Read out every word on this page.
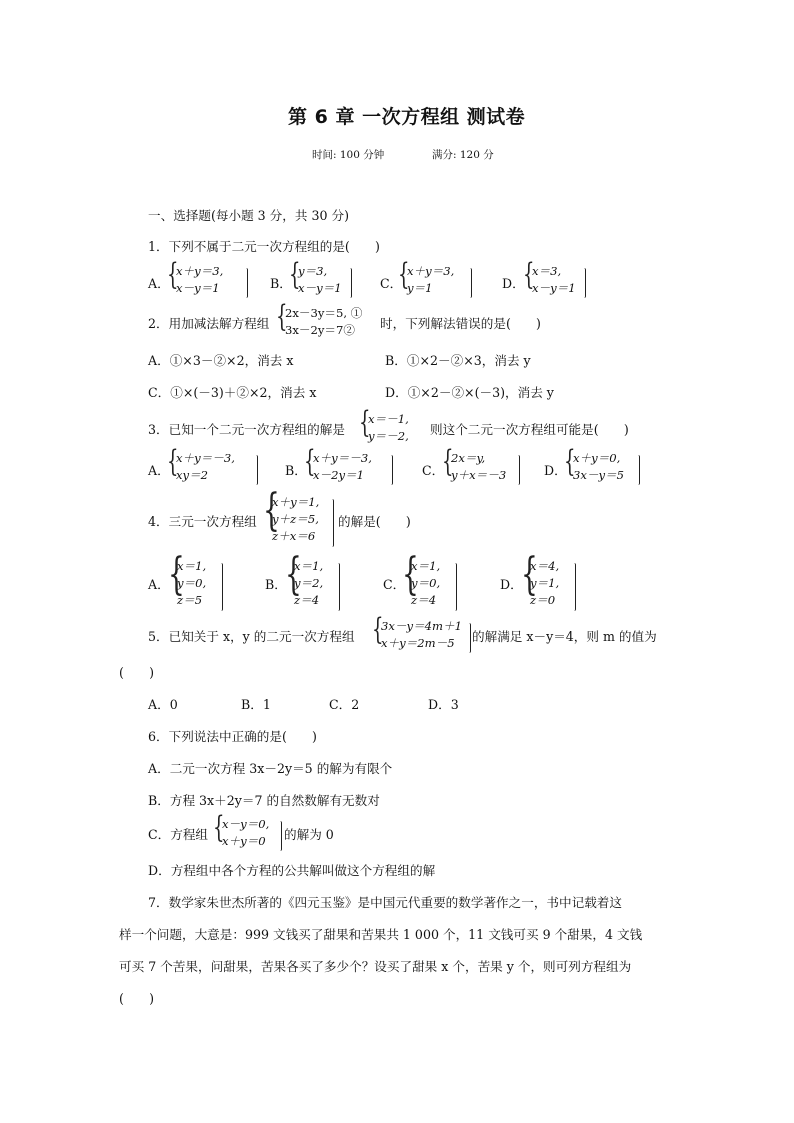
第 6 章 一次方程组 测试卷
时间: 100 分钟	满分: 120 分
一、选择题(每小题 3 分，共 30 分)
1．下列不属于二元一次方程组的是(　　)
A．
{
x＋y＝3,
x－y＝1	B．
{
y＝3,
x－y＝1	C．
{
x＋y＝3,
y＝1	D．
{
x＝3,
x－y＝1
2．用加减法解方程组 {
2x－3y＝5, ①
3x－2y＝7② 时，下列解法错误的是(　　)
A．①×3－②×2，消去 x	B．①×2－②×3，消去 y
C．①×(－3)＋②×2，消去 x	D．①×2－②×(－3)，消去 y
3．已知一个二元一次方程组的解是 {
x＝－1,
y＝－2, 则这个二元一次方程组可能是(　　)
A．
{
x＋y＝－3,
xy＝2	B．
{
x＋y＝－3,
x－2y＝1	C．
{
2x＝y,
y＋x＝－3	D．
{
x＋y＝0,
3x－y＝5
4．三元一次方程组 {
x＋y＝1,
y＋z＝5,
z＋x＝6
的解是(　　)
A．
{
x＝1,
y＝0,
z＝5
B．
{
x＝1,
y＝2,
z＝4
C．
{
x＝1,
y＝0,
z＝4
D．
{
x＝4,
y＝1,
z＝0
5．已知关于 x，y 的二元一次方程组 {
3x－y＝4m＋1
x＋y＝2m－5 的解满足 x－y＝4，则 m 的值为
(　　)
A．0	B．1	C．2	D．3
6．下列说法中正确的是(　　)
A．二元一次方程 3x－2y＝5 的解为有限个
B．方程 3x＋2y＝7 的自然数解有无数对
C．方程组 {
x－y＝0,
x＋y＝0 的解为 0
D．方程组中各个方程的公共解叫做这个方程组的解
7．数学家朱世杰所著的《四元玉鉴》是中国元代重要的数学著作之一，书中记载着这
样一个问题，大意是：999 文钱买了甜果和苦果共 1 000 个，11 文钱可买 9 个甜果，4 文钱
可买 7 个苦果，问甜果，苦果各买了多少个？设买了甜果 x 个，苦果 y 个，则可列方程组为
(　　)
